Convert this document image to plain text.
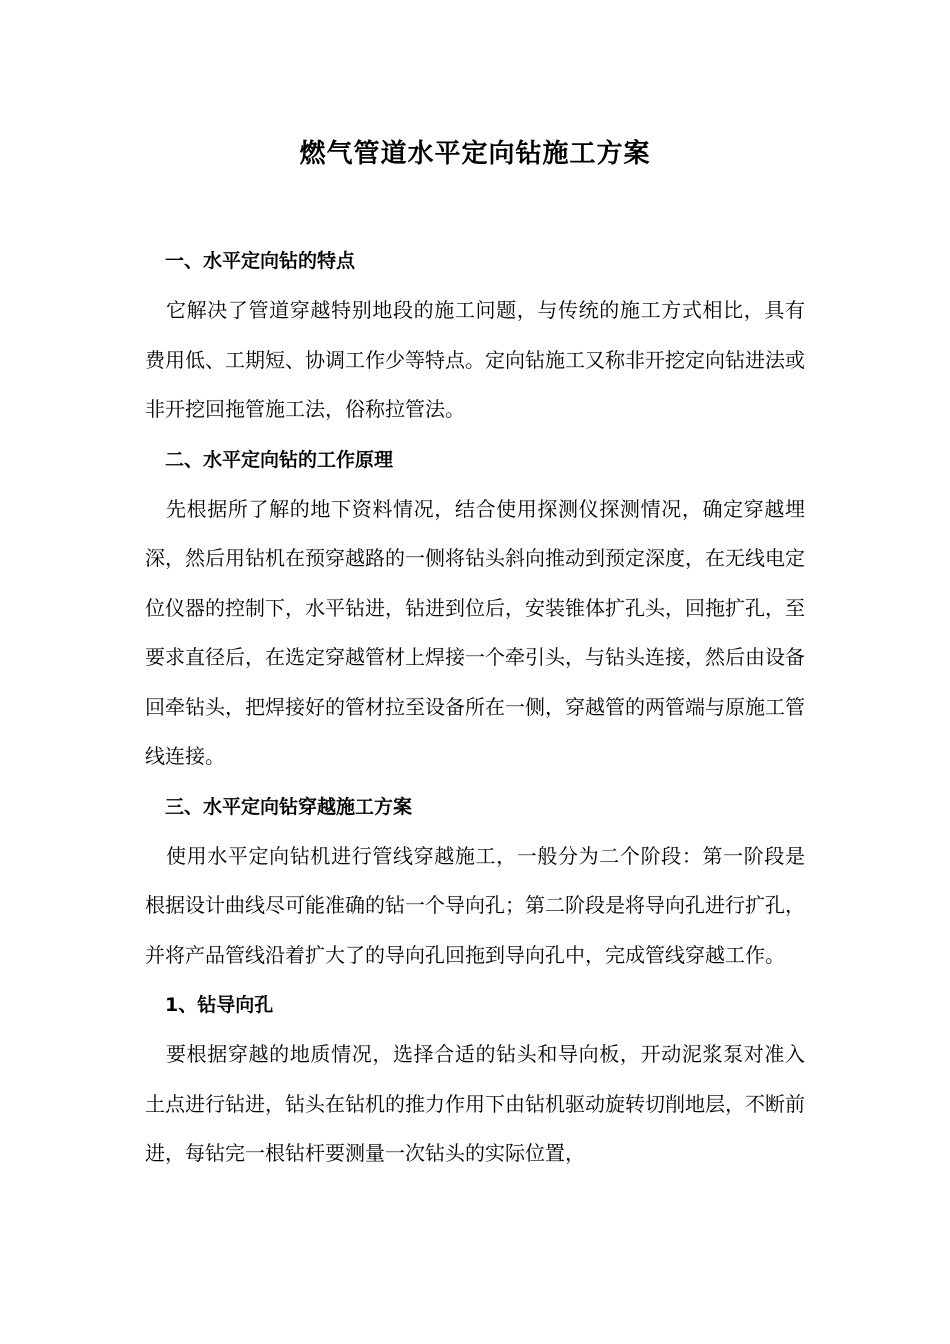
燃气管道水平定向钻施工方案
一、水平定向钻的特点

它解决了管道穿越特别地段的施工问题，与传统的施工方式相比，具有费用低、工期短、协调工作少等特点。定向钻施工又称非开挖定向钻进法或非开挖回拖管施工法，俗称拉管法。

二、水平定向钻的工作原理

先根据所了解的地下资料情况，结合使用探测仪探测情况，确定穿越埋深，然后用钻机在预穿越路的一侧将钻头斜向推动到预定深度，在无线电定位仪器的控制下，水平钻进，钻进到位后，安装锥体扩孔头，回拖扩孔，至要求直径后，在选定穿越管材上焊接一个牵引头，与钻头连接，然后由设备回牵钻头，把焊接好的管材拉至设备所在一侧，穿越管的两管端与原施工管线连接。

三、水平定向钻穿越施工方案

使用水平定向钻机进行管线穿越施工，一般分为二个阶段：第一阶段是根据设计曲线尽可能准确的钻一个导向孔；第二阶段是将导向孔进行扩孔，并将产品管线沿着扩大了的导向孔回拖到导向孔中，完成管线穿越工作。

1、钻导向孔

要根据穿越的地质情况，选择合适的钻头和导向板，开动泥浆泵对准入土点进行钻进，钻头在钻机的推力作用下由钻机驱动旋转切削地层，不断前进，每钻完一根钻杆要测量一次钻头的实际位置，
